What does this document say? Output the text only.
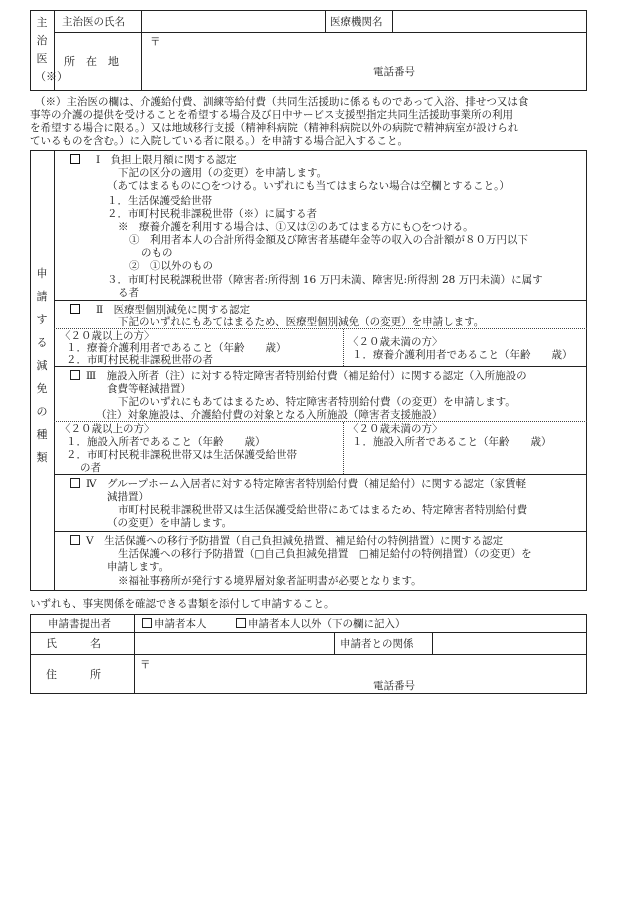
主治医（※）
主治医の氏名	医療機関名
所　在　地
〒
電話番号
（※）主治医の欄は、介護給付費、訓練等給付費（共同生活援助に係るものであって入浴、排せつ又は食
事等の介護の提供を受けることを希望する場合及び日中サービス支援型指定共同生活援助事業所の利用
を希望する場合に限る。）又は地域移行支援（精神科病院（精神科病院以外の病院で精神病室が設けられ
ているものを含む。）に入院している者に限る。）を申請する場合記入すること。
申請する減免の種類
Ⅰ　負担上限月額に関する認定
下記の区分の適用（の変更）を申請します。
（あてはまるものに○をつける。いずれにも当てはまらない場合は空欄とすること。）
１．生活保護受給世帯
２．市町村民税非課税世帯（※）に属する者
※　療養介護を利用する場合は、①又は②のあてはまる方にも○をつける。
①　利用者本人の合計所得金額及び障害者基礎年金等の収入の合計額が８０万円以下
のもの
②　①以外のもの
３．市町村民税課税世帯（障害者:所得割 16 万円未満、障害児:所得割 28 万円未満）に属す
る者
Ⅱ　医療型個別減免に関する認定
下記のいずれにもあてはまるため、医療型個別減免（の変更）を申請します。
〈２０歳以上の方〉
１．療養介護利用者であること（年齢　　歳）
２．市町村民税非課税世帯の者
〈２０歳未満の方〉
１．療養介護利用者であること（年齢　　歳）
Ⅲ　施設入所者（注）に対する特定障害者特別給付費（補足給付）に関する認定（入所施設の
食費等軽減措置）
下記のいずれにもあてはまるため、特定障害者特別給付費（の変更）を申請します。
（注）対象施設は、介護給付費の対象となる入所施設（障害者支援施設）
〈２０歳以上の方〉
１．施設入所者であること（年齢　　歳）
２．市町村民税非課税世帯又は生活保護受給世帯
の者
〈２０歳未満の方〉
１．施設入所者であること（年齢　　歳）
Ⅳ　グループホーム入居者に対する特定障害者特別給付費（補足給付）に関する認定（家賃軽
減措置）
市町村民税非課税世帯又は生活保護受給世帯にあてはまるため、特定障害者特別給付費
（の変更）を申請します。
Ⅴ　生活保護への移行予防措置（自己負担減免措置、補足給付の特例措置）に関する認定
生活保護への移行予防措置（□自己負担減免措置　□補足給付の特例措置）（の変更）を
申請します。
※福祉事務所が発行する境界層対象者証明書が必要となります。
いずれも、事実関係を確認できる書類を添付して申請すること。
申請書提出者	申請者本人	申請者本人以外（下の欄に記入）
氏　　　名	申請者との関係
住　　　所
〒
電話番号
